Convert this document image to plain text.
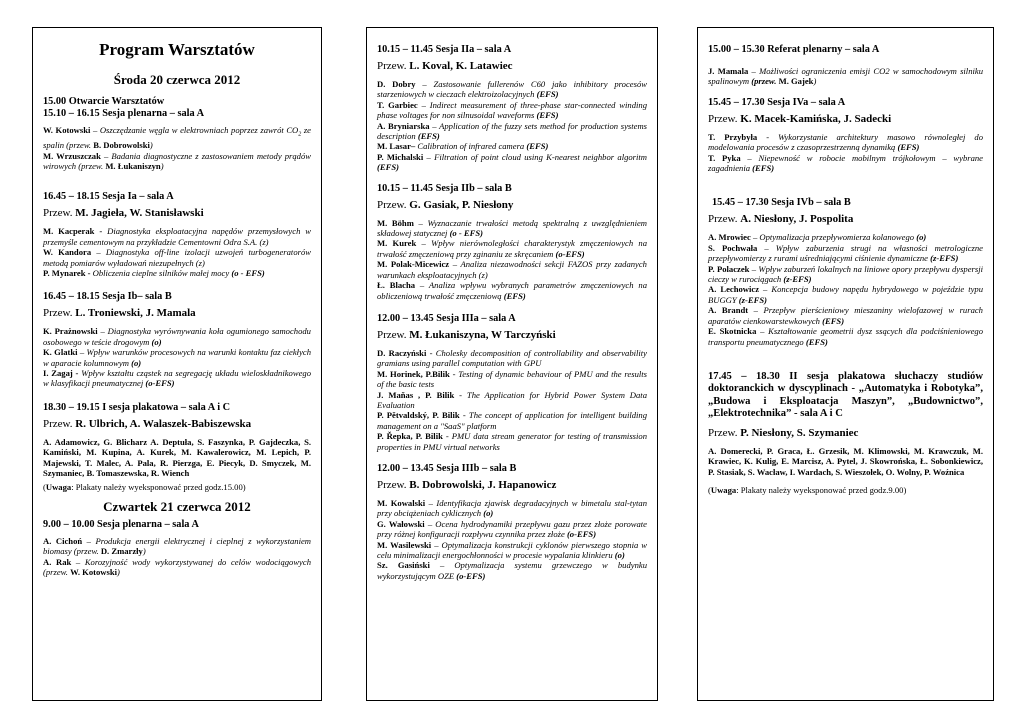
Program Warsztatów
Środa 20 czerwca 2012
15.00 Otwarcie Warsztatów
15.10 – 16.15 Sesja plenarna – sala A
W. Kotowski – Oszczędzanie węgla w elektrowniach poprzez zawrót $CO_2$ ze spalin (przew. B. Dobrowolski)
M. Wrzuszczak – Badania diagnostyczne z zastosowaniem metody prądów wirowych (przew. M. Łukaniszyn)
16.45 – 18.15 Sesja Ia – sala A
Przew. M. Jagieła, W. Stanisławski
M. Kacperak - Diagnostyka eksploatacyjna napędów przemysłowych w przemyśle cementowym na przykładzie Cementowni Odra S.A. (z)
W. Kandora – Diagnostyka off-line izolacji uzwojeń turbogeneratorów metodą pomiarów wyładowań niezupełnych (z)
P. Mynarek - Obliczenia cieplne silników małej mocy (o - EFS)
16.45 – 18.15 Sesja Ib– sala B
Przew. L. Troniewski, J. Mamala
K. Prażnowski – Diagnostyka wyrównywania koła ogumionego samochodu osobowego w teście drogowym (o)
K. Glatki – Wpływ warunków procesowych na warunki kontaktu faz ciekłych w aparacie kolumnowym (o)
I. Zagaj - Wpływ kształtu cząstek na segregację układu wieloskładnikowego w klasyfikacji pneumatycznej (o-EFS)
18.30 – 19.15 I sesja plakatowa – sala A i C
Przew. R. Ulbrich, A. Walaszek-Babiszewska
A. Adamowicz, G. Blicharz A. Deptuła, S. Faszynka, P. Gajdeczka, S. Kamiński, M. Kupina, A. Kurek, M. Kawalerowicz, M. Lepich, P. Majewski, T. Malec, A. Pala, R. Pierzga, E. Piecyk, D. Smyczek, M. Szymaniec, B. Tomaszewska, R. Wiench
(Uwaga: Plakaty należy wyeksponować przed godz.15.00)
Czwartek 21 czerwca 2012
9.00 – 10.00 Sesja plenarna – sala A
A. Cichoń – Produkcja energii elektrycznej i cieplnej z wykorzystaniem biomasy (przew. D. Zmarzły)
A. Rak – Korozyjność wody wykorzystywanej do celów wodociągowych (przew. W. Kotowski)
10.15 – 11.45 Sesja IIa – sala A
Przew. L. Koval, K. Latawiec
D. Dobry – Zastosowanie fullerenów C60 jako inhibitory procesów starzeniowych w cieczach elektroizolacyjnych (EFS)
T. Garbiec – Indirect measurement of three-phase star-connected winding phase voltages for non silnusoidal waveforms (EFS)
A. Bryniarska – Application of the fuzzy sets method for production systems description (EFS)
M. Lasar– Calibration of infrared camera (EFS)
P. Michalski – Filtration of point cloud using K-nearest neighbor algoritm (EFS)
10.15 – 11.45 Sesja IIb – sala B
Przew. G. Gasiak, P. Niesłony
M. Böhm – Wyznaczanie trwałości metodą spektralną z uwzględnieniem składowej statycznej (o - EFS)
M. Kurek – Wpływ nierównoległości charakterystyk zmęczeniowych na trwałość zmęczeniową przy zginaniu ze skręcaniem (o-EFS)
M. Polak-Micewicz – Analiza niezawodności sekcji FAZOS przy zadanych warunkach eksploatacyjnych (z)
Ł. Blacha – Analiza wpływu wybranych parametrów zmęczeniowych na obliczeniową trwałość zmęczeniową (EFS)
12.00 – 13.45 Sesja IIIa – sala A
Przew. M. Łukaniszyna, W Tarczyński
D. Raczyński - Cholesky decomposition of controllability and observability gramians using parallel computation with GPU
M. Horinek, P.Bilik - Testing of dynamic behaviour of PMU and the results of the basic tests
J. Maňas , P. Bilik - The Application for Hybrid Power System Data Evaluation
P. Pětvaldský, P. Bilik - The concept of application for intelligent building management on a "SaaS" platform
P. Řepka, P. Bilik - PMU data stream generator for testing of transmission properties in PMU virtual networks
12.00 – 13.45 Sesja IIIb – sala B
Przew. B. Dobrowolski, J. Hapanowicz
M. Kowalski – Identyfikacja zjawisk degradacyjnych w bimetalu stal-tytan przy obciążeniach cyklicznych (o)
G. Wałowski – Ocena hydrodynamiki przepływu gazu przez złoże porowate przy różnej konfiguracji rozpływu czynnika przez złoże (o-EFS)
M. Wasilewski – Optymalizacja konstrukcji cyklonów pierwszego stopnia w celu minimalizacji energochłonności w procesie wypalania klinkieru (o)
Sz. Gasiński – Optymalizacja systemu grzewczego w budynku wykorzystującym OZE (o-EFS)
15.00 – 15.30 Referat plenarny – sala A
J. Mamala – Możliwości ograniczenia emisji CO2 w samochodowym silniku spalinowym (przew. M. Gajek)
15.45 – 17.30 Sesja IVa – sala A
Przew. K. Macek-Kamińska, J. Sadecki
T. Przybyła - Wykorzystanie architektury masowo równoległej do modelowania procesów z czasoprzestrzenną dynamiką (EFS)
T. Pyka – Niepewność w robocie mobilnym trójkołowym – wybrane zagadnienia (EFS)
15.45 – 17.30 Sesja IVb – sala B
Przew. A. Niesłony, J. Pospolita
A. Mrowiec – Optymalizacja przepływomierza kolanowego (o)
S. Pochwała – Wpływ zaburzenia strugi na własności metrologiczne przepływomierzy z rurami uśredniającymi ciśnienie dynamiczne (z-EFS)
P. Polaczek – Wpływ zaburzeń lokalnych na liniowe opory przepływu dyspersji cieczy w rurociągach (z-EFS)
A. Lechowicz – Koncepcja budowy napędu hybrydowego w pojeździe typu BUGGY (z-EFS)
A. Brandt – Przepływ pierścieniowy mieszaniny wielofazowej w rurach aparatów cienkowarstewkowych (EFS)
E. Skotnicka – Kształtowanie geometrii dysz ssących dla podciśnieniowego transportu pneumatycznego (EFS)
17.45 – 18.30 II sesja plakatowa słuchaczy studiów doktoranckich w dyscyplinach - „Automatyka i Robotyka”, „Budowa i Eksploatacja Maszyn”, „Budownictwo”, „Elektrotechnika” - sala A i C
Przew. P. Niesłony, S. Szymaniec
A. Domerecki, P. Graca, Ł. Grzesik, M. Klimowski, M. Krawczuk, M. Krawiec, K. Kulig, E. Marcisz, A. Pytel, J. Skowrońska, Ł. Sobonkiewicz, P. Stasiak, S. Wacław, I. Wardach, S. Wieszołek, O. Wolny, P. Woźnica
(Uwaga: Plakaty należy wyeksponować przed godz.9.00)
